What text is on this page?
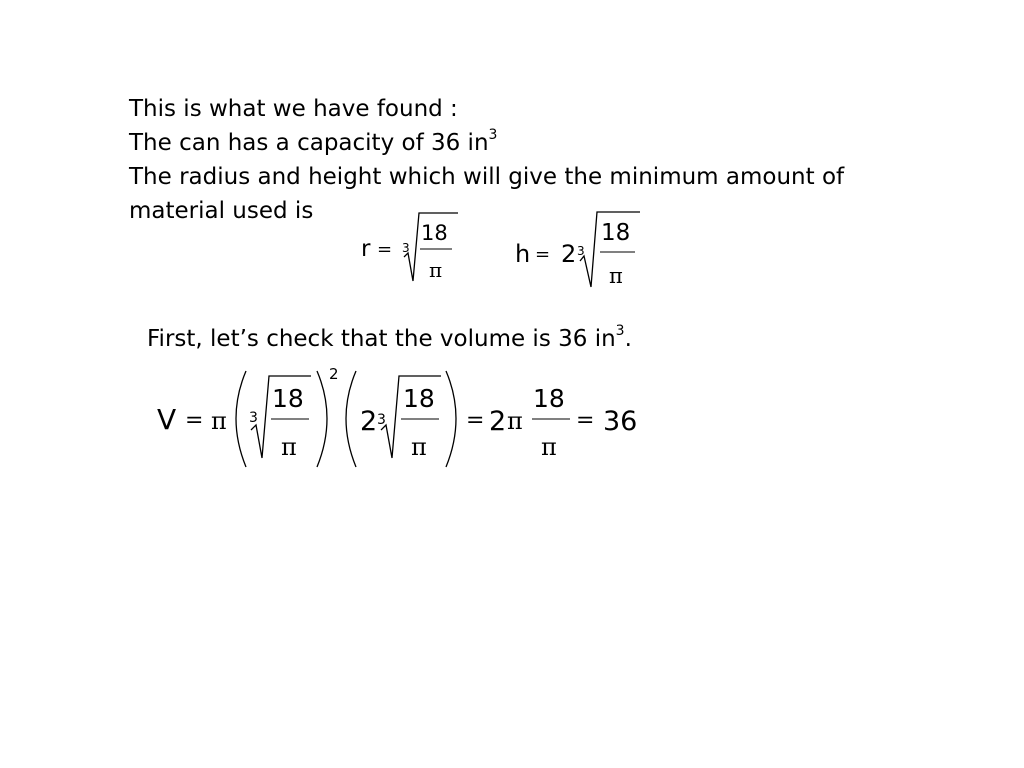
This is what we have found :
The can has a capacity of 36 $in^3$
The radius and height which will give the minimum amount of
material used is
r = 3
18
π
h = 2 3
18
π
First, let’s check that the volume is 36 $in^3$.
V = π 3
18
π
2
2 3
18
π
= 2 π
18
π
= 36
